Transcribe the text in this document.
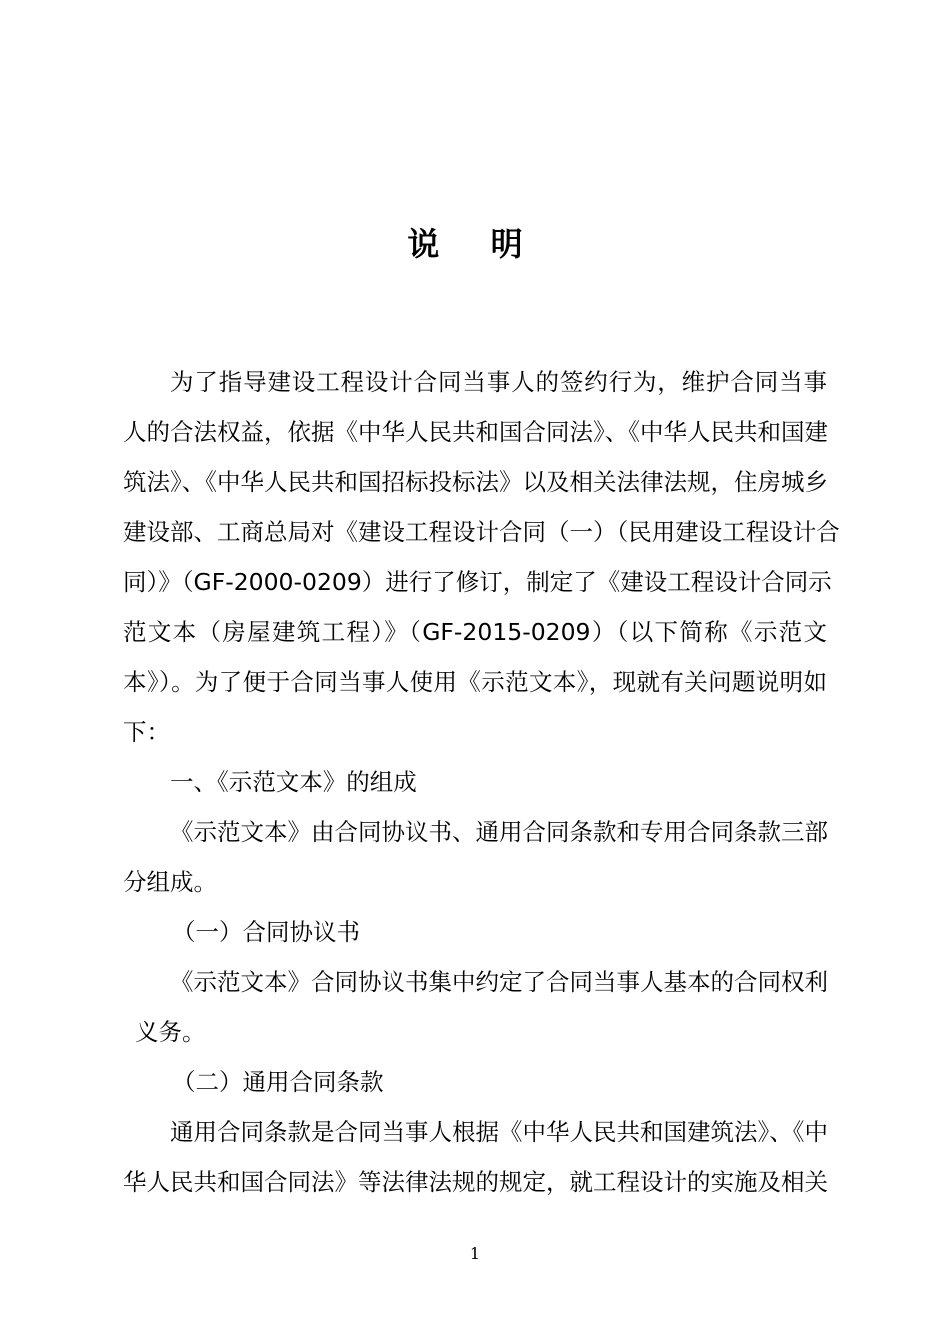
说 明
为了指导建设工程设计合同当事人的签约行为，维护合同当事
人的合法权益，依据《中华人民共和国合同法》、《中华人民共和国建
筑法》、《中华人民共和国招标投标法》以及相关法律法规，住房城乡
建设部、工商总局对《建设工程设计合同（一）（民用建设工程设计合
同）》（GF-2000-0209）进行了修订，制定了《建设工程设计合同示
范文本（房屋建筑工程）》（GF-2015-0209）（以下简称《示范文
本》）。为了便于合同当事人使用《示范文本》，现就有关问题说明如
下：
一、《示范文本》的组成
《示范文本》由合同协议书、通用合同条款和专用合同条款三部
分组成。
（一）合同协议书
《示范文本》合同协议书集中约定了合同当事人基本的合同权利
义务。
（二）通用合同条款
通用合同条款是合同当事人根据《中华人民共和国建筑法》、《中
华人民共和国合同法》等法律法规的规定，就工程设计的实施及相关
1
